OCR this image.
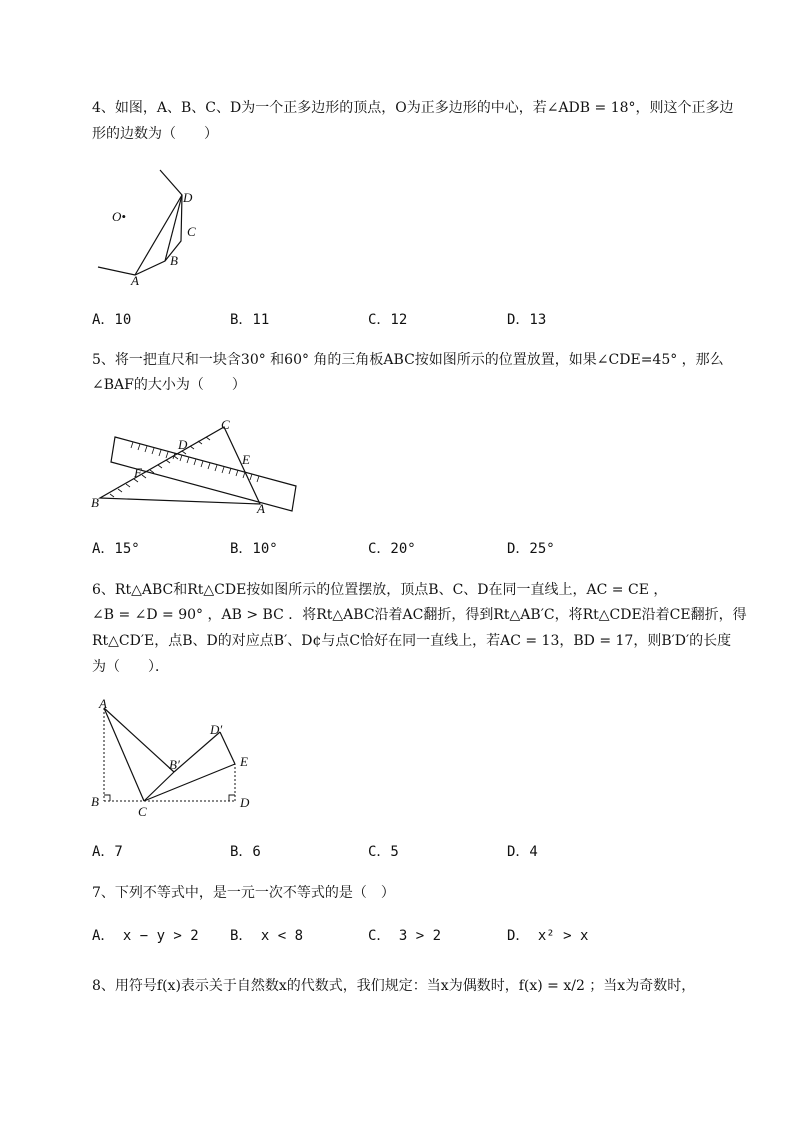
4、如图，A、B、C、D为一个正多边形的顶点，O为正多边形的中心，若∠ADB = 18°，则这个正多边
形的边数为（　　）
O•
D
C
B
A
A．10	B．11	C．12	D．13
5、将一把直尺和一块含30° 和60° 角的三角板ABC按如图所示的位置放置，如果∠CDE=45° ，那么
∠BAF的大小为（　　）
C
D
E
F
B	A
A．15°	B．10°	C．20°	D．25°
6、Rt△ABC和Rt△CDE按如图所示的位置摆放，顶点B、C、D在同一直线上，AC = CE ，
∠B = ∠D = 90° ，AB > BC ．将Rt△ABC沿着AC翻折，得到Rt△AB′C，将Rt△CDE沿着CE翻折，得
Rt△CD′E，点B、D的对应点B′、D¢与点C恰好在同一直线上，若AC = 13，BD = 17，则B′D′的长度
为（　　）．
A
D′
B′	E
B
C
D
A．7	B．6	C．5	D．4
7、下列不等式中，是一元一次不等式的是（　）
A． x − y > 2 B． x < 8	C． 3 > 2	D． x² > x
8、用符号f(x)表示关于自然数x的代数式，我们规定：当x为偶数时，f(x) = x/2 ；当x为奇数时，
